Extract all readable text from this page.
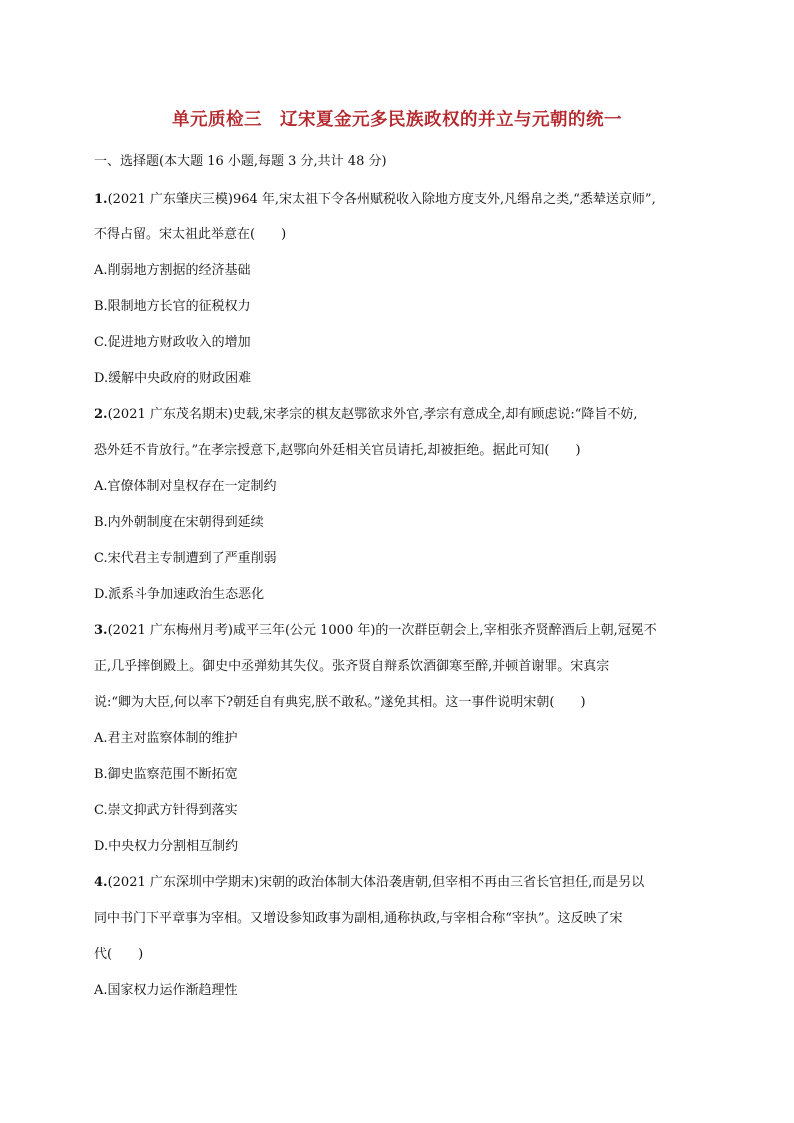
单元质检三　辽宋夏金元多民族政权的并立与元朝的统一
一、选择题(本大题 16 小题,每题 3 分,共计 48 分)
1.(2021 广东肇庆三模)964 年,宋太祖下令各州赋税收入除地方度支外,凡缗帛之类,“悉辇送京师”,
不得占留。宋太祖此举意在(　　)
A.削弱地方割据的经济基础
B.限制地方长官的征税权力
C.促进地方财政收入的增加
D.缓解中央政府的财政困难
2.(2021 广东茂名期末)史载,宋孝宗的棋友赵鄂欲求外官,孝宗有意成全,却有顾虑说:“降旨不妨,
恐外廷不肯放行。”在孝宗授意下,赵鄂向外廷相关官员请托,却被拒绝。据此可知(　　)
A.官僚体制对皇权存在一定制约
B.内外朝制度在宋朝得到延续
C.宋代君主专制遭到了严重削弱
D.派系斗争加速政治生态恶化
3.(2021 广东梅州月考)咸平三年(公元 1000 年)的一次群臣朝会上,宰相张齐贤醉酒后上朝,冠冕不
正,几乎摔倒殿上。御史中丞弹劾其失仪。张齐贤自辩系饮酒御寒至醉,并顿首谢罪。宋真宗
说:“卿为大臣,何以率下?朝廷自有典宪,朕不敢私。”遂免其相。这一事件说明宋朝(　　)
A.君主对监察体制的维护
B.御史监察范围不断拓宽
C.崇文抑武方针得到落实
D.中央权力分割相互制约
4.(2021 广东深圳中学期末)宋朝的政治体制大体沿袭唐朝,但宰相不再由三省长官担任,而是另以
同中书门下平章事为宰相。又增设参知政事为副相,通称执政,与宰相合称“宰执”。这反映了宋
代(　　)
A.国家权力运作渐趋理性
